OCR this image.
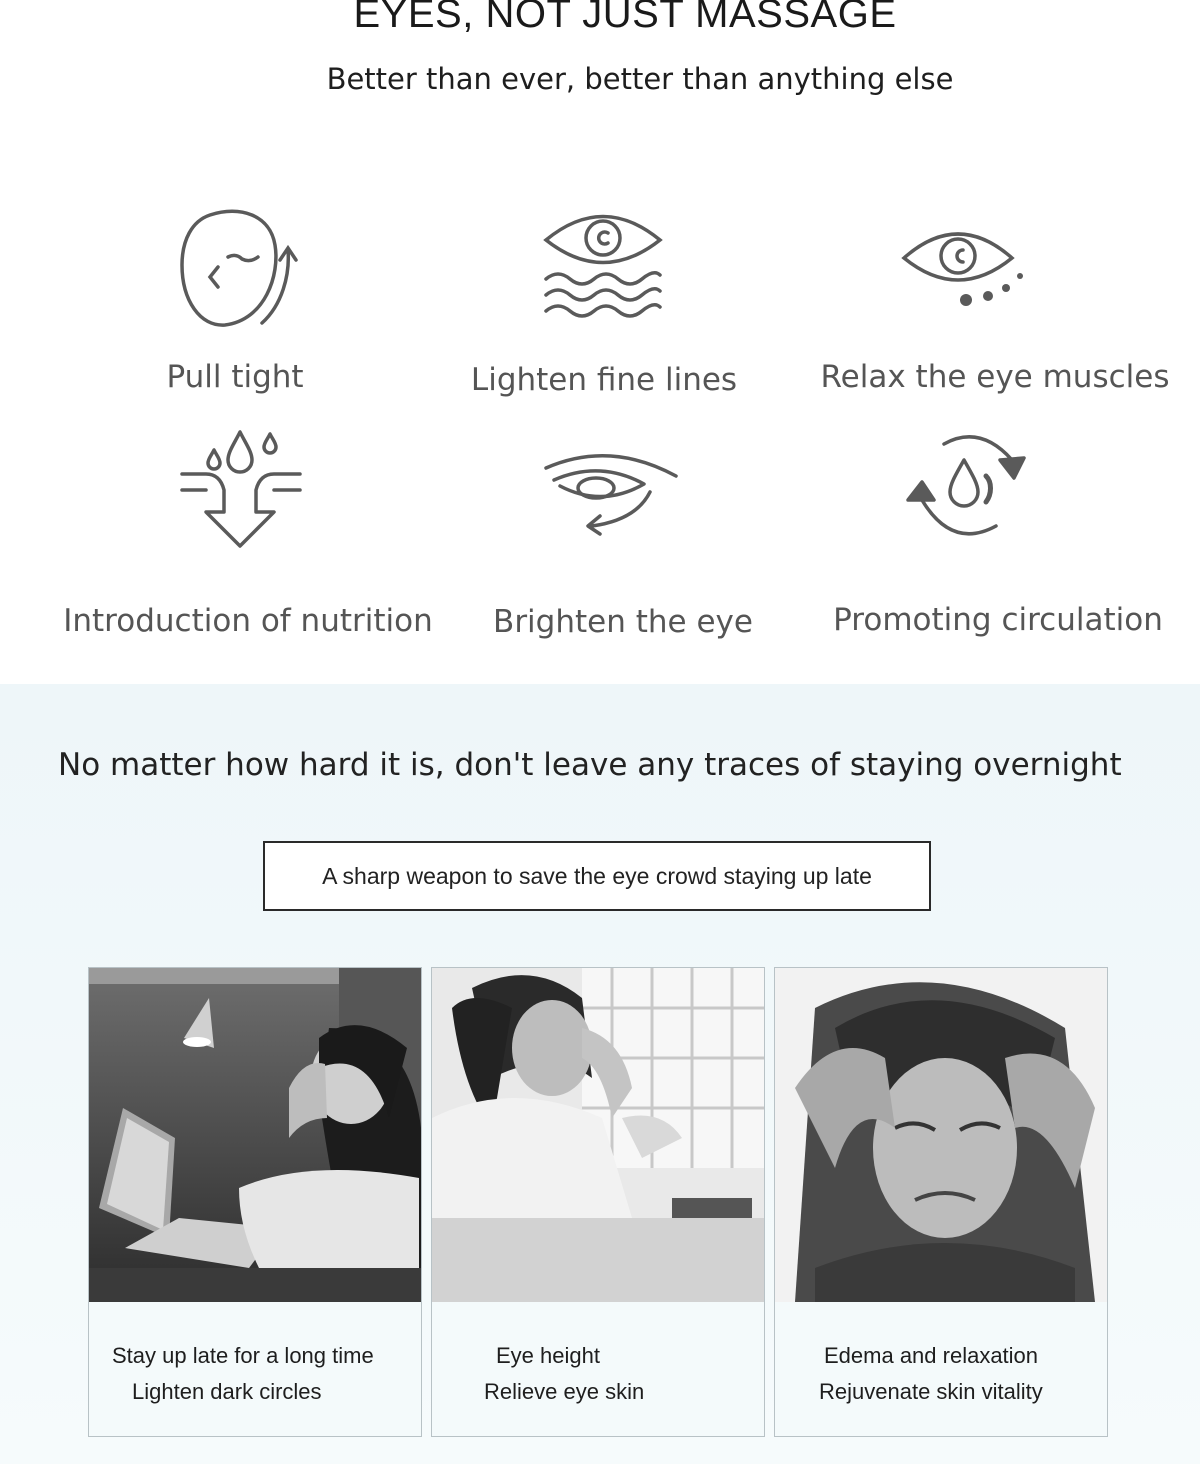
EYES, NOT JUST MASSAGE
Better than ever, better than anything else
Pull tight	Lighten fine lines	Relax the eye muscles
Introduction of nutrition Brighten the eye	Promoting circulation
No matter how hard it is, don't leave any traces of staying overnight
A sharp weapon to save the eye crowd staying up late
Stay up late for a long time
Lighten dark circles
Eye height
Relieve eye skin
Edema and relaxation
Rejuvenate skin vitality
